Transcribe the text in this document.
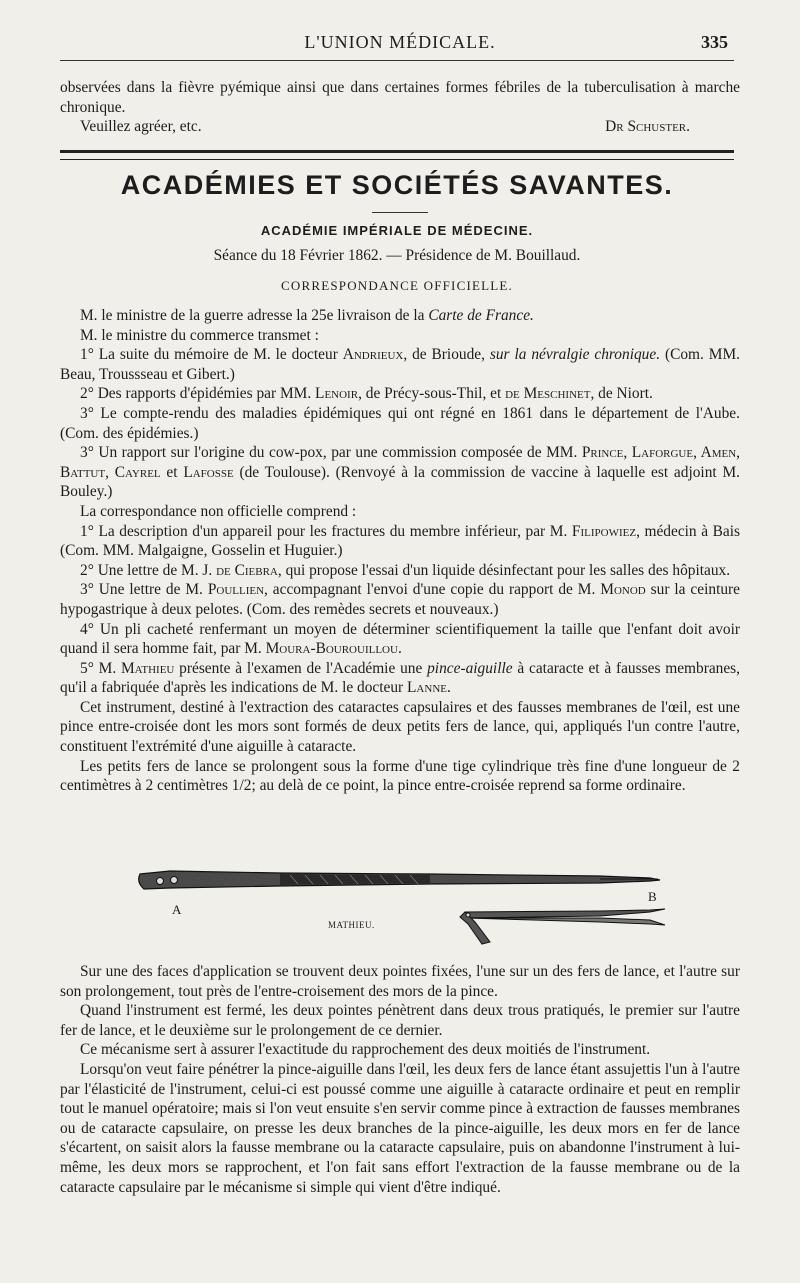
L'UNION MÉDICALE.	335

observées dans la fièvre pyémique ainsi que dans certaines formes fébriles de la tuberculisation à marche chronique.

Veuillez agréer, etc.	Dr Schuster.
ACADÉMIES ET SOCIÉTÉS SAVANTES.
ACADÉMIE IMPÉRIALE DE MÉDECINE.
Séance du 18 Février 1862. — Présidence de M. Bouillaud.
CORRESPONDANCE OFFICIELLE.

M. le ministre de la guerre adresse la 25e livraison de la Carte de France.

M. le ministre du commerce transmet :

1° La suite du mémoire de M. le docteur Andrieux, de Brioude, sur la névralgie chronique. (Com. MM. Beau, Troussseau et Gibert.)

2° Des rapports d'épidémies par MM. Lenoir, de Précy-sous-Thil, et de Meschinet, de Niort.

3° Le compte-rendu des maladies épidémiques qui ont régné en 1861 dans le département de l'Aube. (Com. des épidémies.)

3° Un rapport sur l'origine du cow-pox, par une commission composée de MM. Prince, Laforgue, Amen, Battut, Cayrel et Lafosse (de Toulouse). (Renvoyé à la commission de vaccine à laquelle est adjoint M. Bouley.)

La correspondance non officielle comprend :

1° La description d'un appareil pour les fractures du membre inférieur, par M. Filipowiez, médecin à Bais (Com. MM. Malgaigne, Gosselin et Huguier.)

2° Une lettre de M. J. de Ciebra, qui propose l'essai d'un liquide désinfectant pour les salles des hôpitaux.

3° Une lettre de M. Poullien, accompagnant l'envoi d'une copie du rapport de M. Monod sur la ceinture hypogastrique à deux pelotes. (Com. des remèdes secrets et nouveaux.)

4° Un pli cacheté renfermant un moyen de déterminer scientifiquement la taille que l'enfant doit avoir quand il sera homme fait, par M. Moura-Bourouillou.

5° M. Mathieu présente à l'examen de l'Académie une pince-aiguille à cataracte et à fausses membranes, qu'il a fabriquée d'après les indications de M. le docteur Lanne.

Cet instrument, destiné à l'extraction des cataractes capsulaires et des fausses membranes de l'œil, est une pince entre-croisée dont les mors sont formés de deux petits fers de lance, qui, appliqués l'un contre l'autre, constituent l'extrémité d'une aiguille à cataracte.

Les petits fers de lance se prolongent sous la forme d'une tige cylindrique très fine d'une longueur de 2 centimètres à 2 centimètres 1/2; au delà de ce point, la pince entre-croisée reprend sa forme ordinaire.

A
B
MATHIEU.

Sur une des faces d'application se trouvent deux pointes fixées, l'une sur un des fers de lance, et l'autre sur son prolongement, tout près de l'entre-croisement des mors de la pince.

Quand l'instrument est fermé, les deux pointes pénètrent dans deux trous pratiqués, le premier sur l'autre fer de lance, et le deuxième sur le prolongement de ce dernier.

Ce mécanisme sert à assurer l'exactitude du rapprochement des deux moitiés de l'instrument.

Lorsqu'on veut faire pénétrer la pince-aiguille dans l'œil, les deux fers de lance étant assujettis l'un à l'autre par l'élasticité de l'instrument, celui-ci est poussé comme une aiguille à cataracte ordinaire et peut en remplir tout le manuel opératoire; mais si l'on veut ensuite s'en servir comme pince à extraction de fausses membranes ou de cataracte capsulaire, on presse les deux branches de la pince-aiguille, les deux mors en fer de lance s'écartent, on saisit alors la fausse membrane ou la cataracte capsulaire, puis on abandonne l'instrument à lui-même, les deux mors se rapprochent, et l'on fait sans effort l'extraction de la fausse membrane ou de la cataracte capsulaire par le mécanisme si simple qui vient d'être indiqué.
